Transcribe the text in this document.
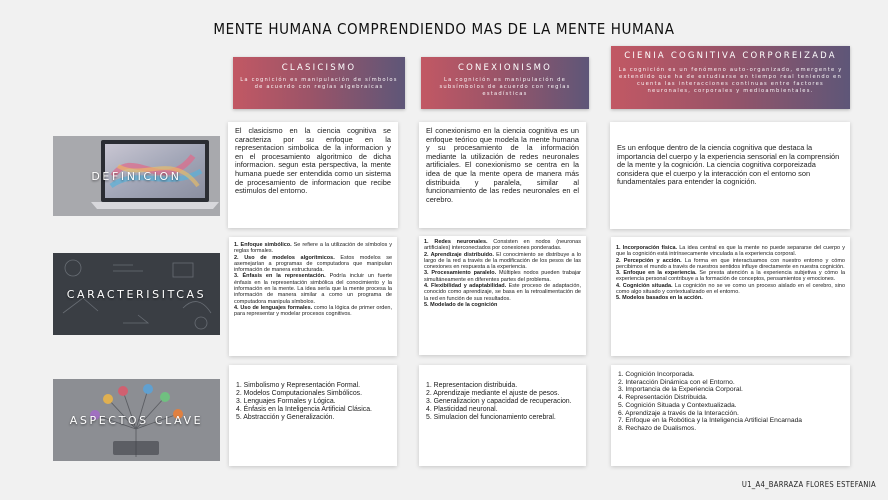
MENTE HUMANA COMPRENDIENDO MAS DE LA MENTE HUMANA
CLASICISMO
La cognición es manipulación de símbolos de acuerdo con reglas algebraicas
CONEXIONISMO
La cognición es manipulación de subsímbolos de acuerdo con reglas estadísticas
CIENIA COGNITIVA CORPOREIZADA
La cognición es un fenómeno auto-organizado, emergente y extendido que ha de estudiarse en tiempo real teniendo en cuenta las interacciones continuas entre factores neuronales, corporales y medioambientales.
DEFINICION
CARACTERISITCAS
ASPECTOS CLAVE

El clasicismo en la ciencia cognitiva se caracteriza por su enfoque en la representacion simbolica de la informacion y en el procesamiento algoritmico de dicha informacion. segun esta perspectiva, la mente humana puede ser entendida como un sistema de procesamiento de informacion que recibe estimulos del entorno.

El conexionismo en la ciencia cognitiva es un enfoque teórico que modela la mente humana y su procesamiento de la información mediante la utilización de redes neuronales artificiales. El conexionismo se centra en la idea de que la mente opera de manera más distribuida y paralela, similar al funcionamiento de las redes neuronales en el cerebro.

Es un enfoque dentro de la ciencia cognitiva que destaca la importancia del cuerpo y la experiencia sensorial en la comprensión de la mente y la cognición. La ciencia cognitiva corporeizada considera que el cuerpo y la interacción con el entorno son fundamentales para entender la cognición.

1. Enfoque simbólico. Se refiere a la utilización de símbolos y reglas formales.
2. Uso de modelos algorítmicos. Estos modelos se asemejarían a programas de computadora que manipulan información de manera estructurada.
3. Énfasis en la representación. Podría incluir un fuerte énfasis en la representación simbólica del conocimiento y la información en la mente. La idea sería que la mente procesa la información de manera similar a como un programa de computadora manipula símbolos.
4. Uso de lenguajes formales. como la lógica de primer orden, para representar y modelar procesos cognitivos.
1. Redes neuronales. Consisten en nodos (neuronas artificiales) interconectados por conexiones ponderadas.
2. Aprendizaje distribuido. El conocimiento se distribuye a lo largo de la red a través de la modificación de los pesos de las conexiones en respuesta a la experiencia.
3. Procesamiento paralelo. Múltiples nodos pueden trabajar simultáneamente en diferentes partes del problema.
4. Flexibilidad y adaptabilidad. Este proceso de adaptación, conocido como aprendizaje, se basa en la retroalimentación de la red en función de sus resultados.
5. Modelado de la cognición
1. Incorporación física. La idea central es que la mente no puede separarse del cuerpo y que la cognición está intrínsecamente vinculada a la experiencia corporal.
2. Percepción y acción. La forma en que interactuamos con nuestro entorno y cómo percibimos el mundo a través de nuestros sentidos influye directamente en nuestra cognición.
3. Enfoque en la experiencia. Se presta atención a la experiencia subjetiva y cómo la experiencia personal contribuye a la formación de conceptos, pensamientos y emociones.
4. Cognición situada. La cognición no se ve como un proceso aislado en el cerebro, sino como algo situado y contextualizado en el entorno.
5. Modelos basados en la acción.
1. Simbolismo y Representación Formal.
2. Modelos Computacionales Simbólicos.
3. Lenguajes Formales y Lógica.
4. Énfasis en la Inteligencia Artificial Clásica.
5. Abstracción y Generalización.
1. Representacion distribuida.
2. Aprendizaje mediante el ajuste de pesos.
3. Generalizacion y capacidad de recuperacion.
4. Plasticidad neuronal.
5. Simulacion del funcionamiento cerebral.
1. Cognición Incorporada.
2. Interacción Dinámica con el Entorno.
3. Importancia de la Experiencia Corporal.
4. Representación Distribuida.
5. Cognición Situada y Contextualizada.
6. Aprendizaje a través de la Interacción.
7. Enfoque en la Robótica y la Inteligencia Artificial Encarnada
8. Rechazo de Dualismos.
U1_A4_BARRAZA FLORES ESTEFANIA
